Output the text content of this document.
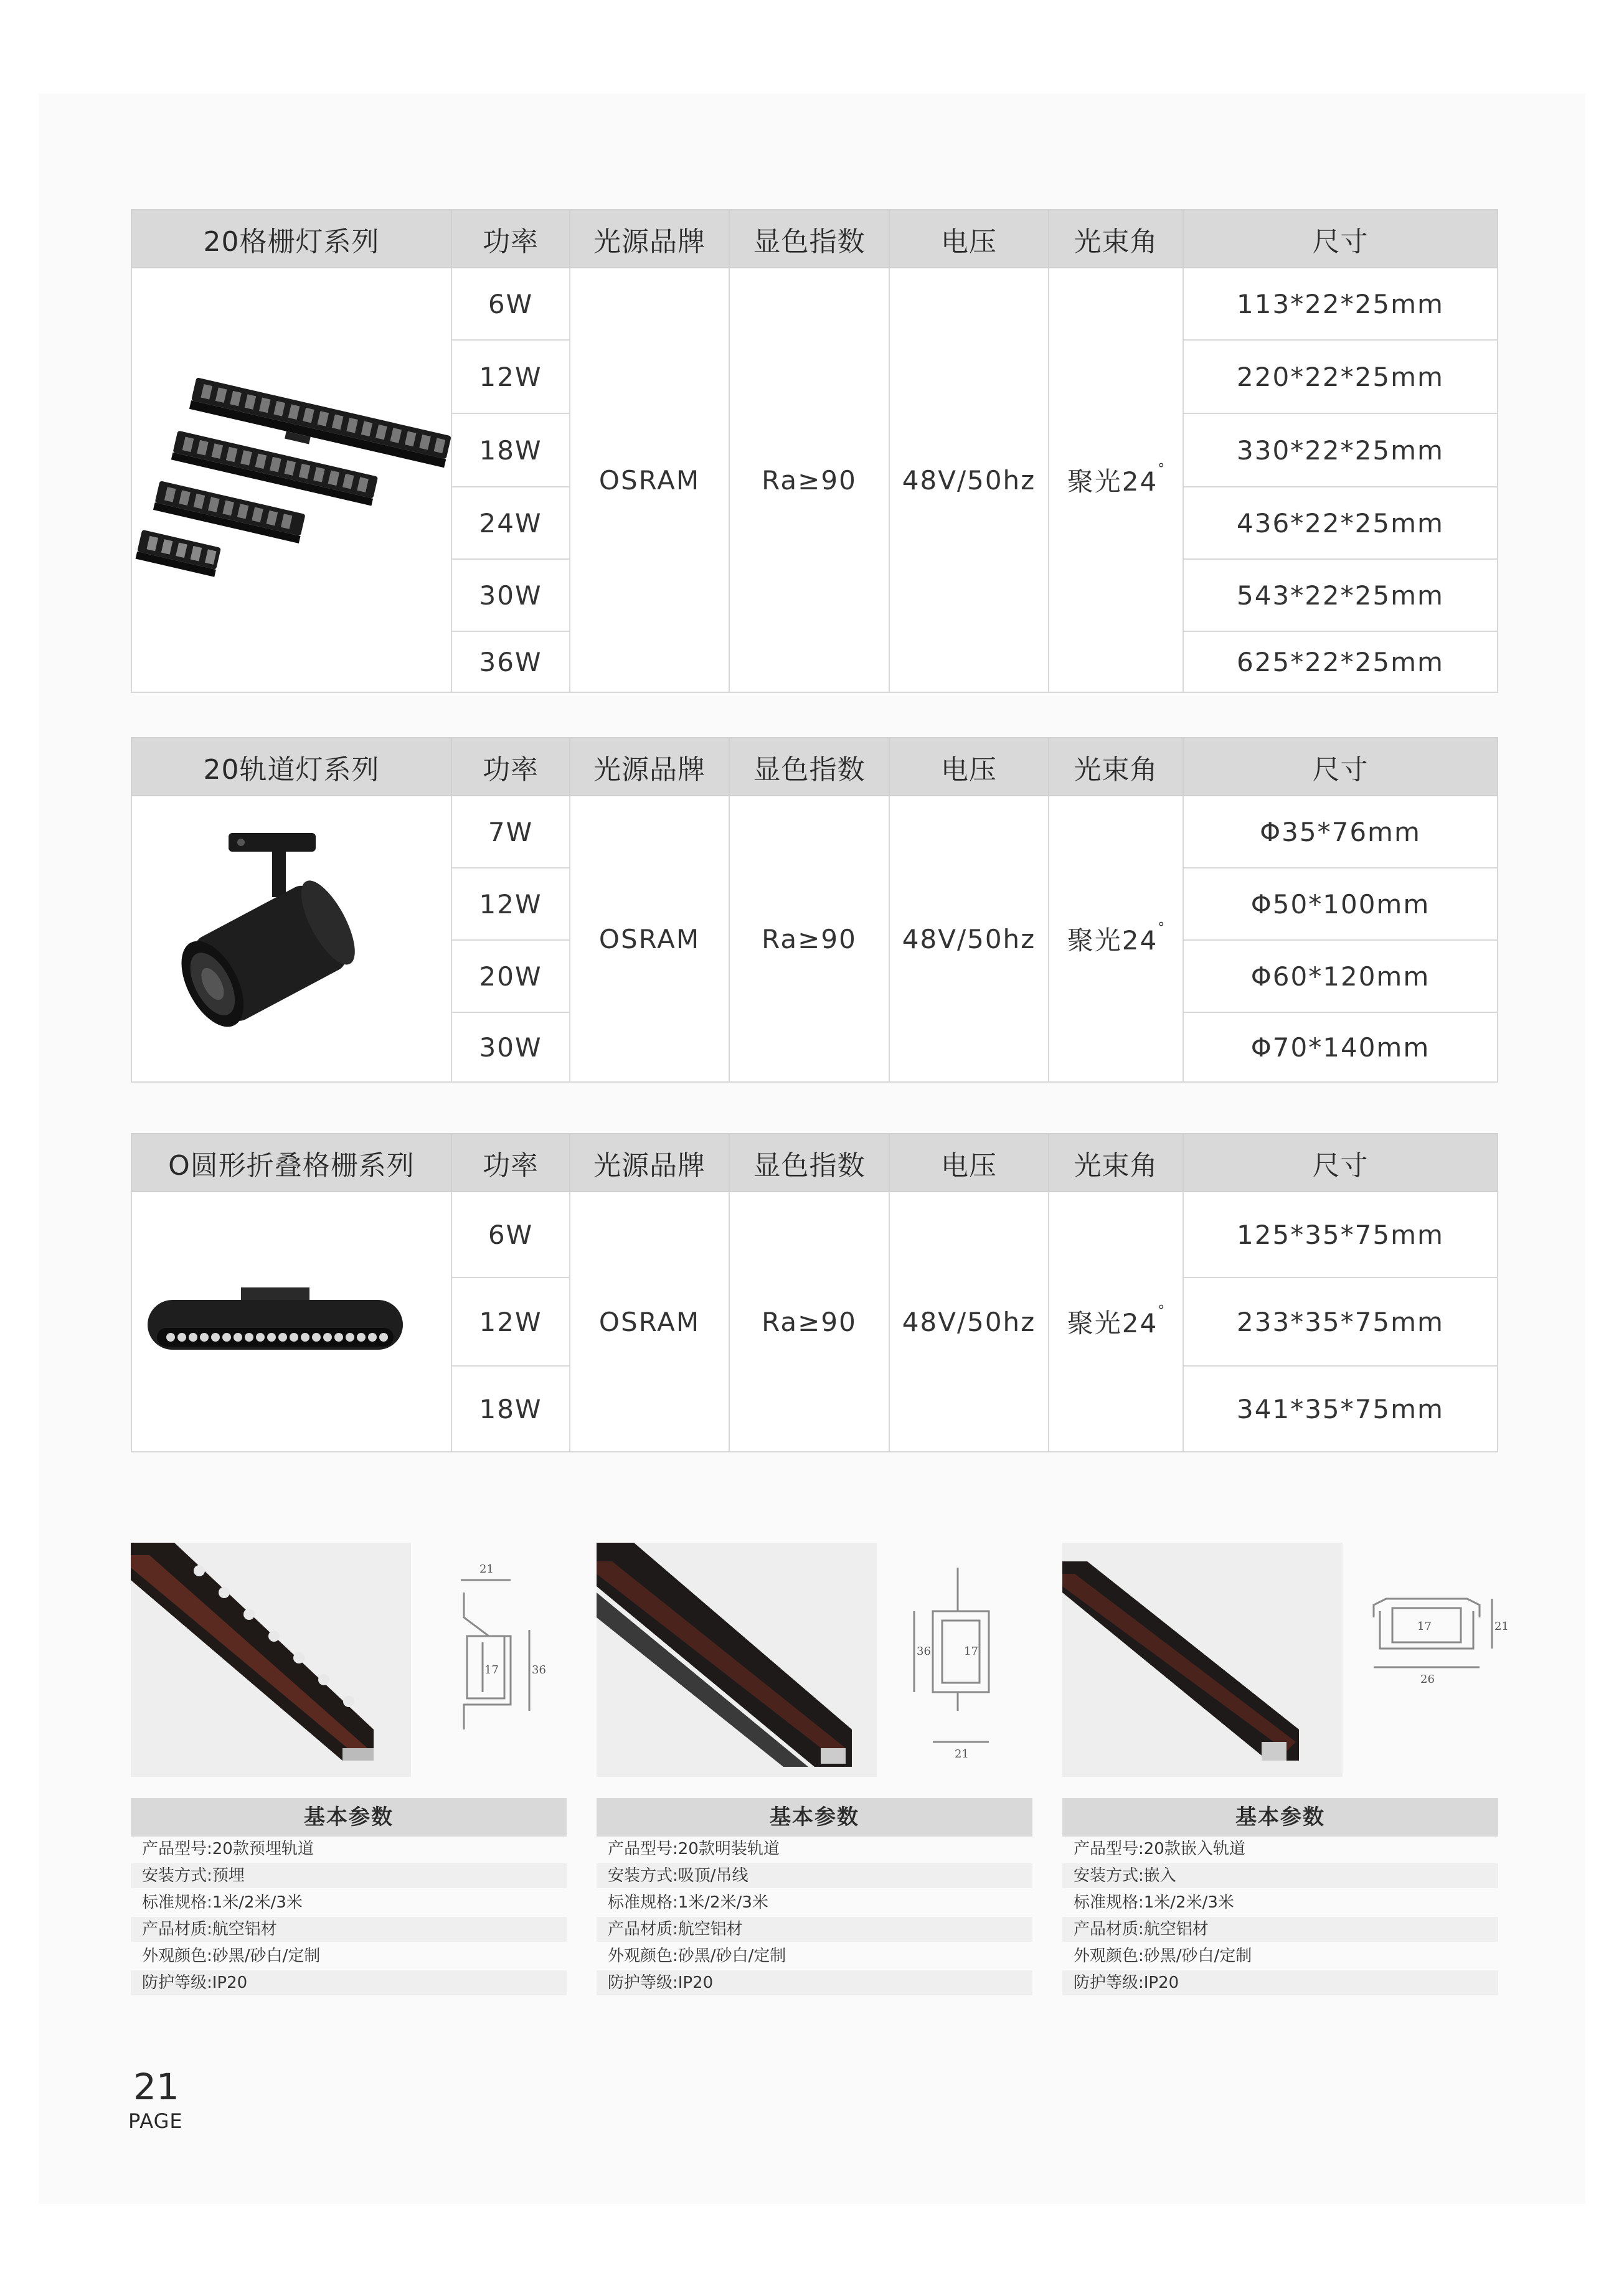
20格栅灯系列	功率	光源品牌	显色指数	电压	光束角	尺寸

	6W	OSRAM	Ra≥90	48V/50hz	聚光24°	113*22*25mm
	12W					220*22*25mm
	18W					330*22*25mm
	24W					436*22*25mm
	30W					543*22*25mm
	36W					625*22*25mm
20轨道灯系列	功率	光源品牌	显色指数	电压	光束角	尺寸

	7W	OSRAM	Ra≥90	48V/50hz	聚光24°	Φ35*76mm
	12W					Φ50*100mm
	20W					Φ60*120mm
	30W					Φ70*140mm
O圆形折叠格栅系列	功率	光源品牌	显色指数	电压	光束角	尺寸

	6W	OSRAM	Ra≥90	48V/50hz	聚光24°	125*35*75mm
	12W					233*35*75mm
	18W					341*35*75mm
21
17	36
基本参数
产品型号:20款预埋轨道
安装方式:预埋
标准规格:1米/2米/3米
产品材质:航空铝材
外观颜色:砂黑/砂白/定制
防护等级:IP20
36	17
21
基本参数
产品型号:20款明装轨道
安装方式:吸顶/吊线
标准规格:1米/2米/3米
产品材质:航空铝材
外观颜色:砂黑/砂白/定制
防护等级:IP20
17	21
26
基本参数
产品型号:20款嵌入轨道
安装方式:嵌入
标准规格:1米/2米/3米
产品材质:航空铝材
外观颜色:砂黑/砂白/定制
防护等级:IP20
21
PAGE
